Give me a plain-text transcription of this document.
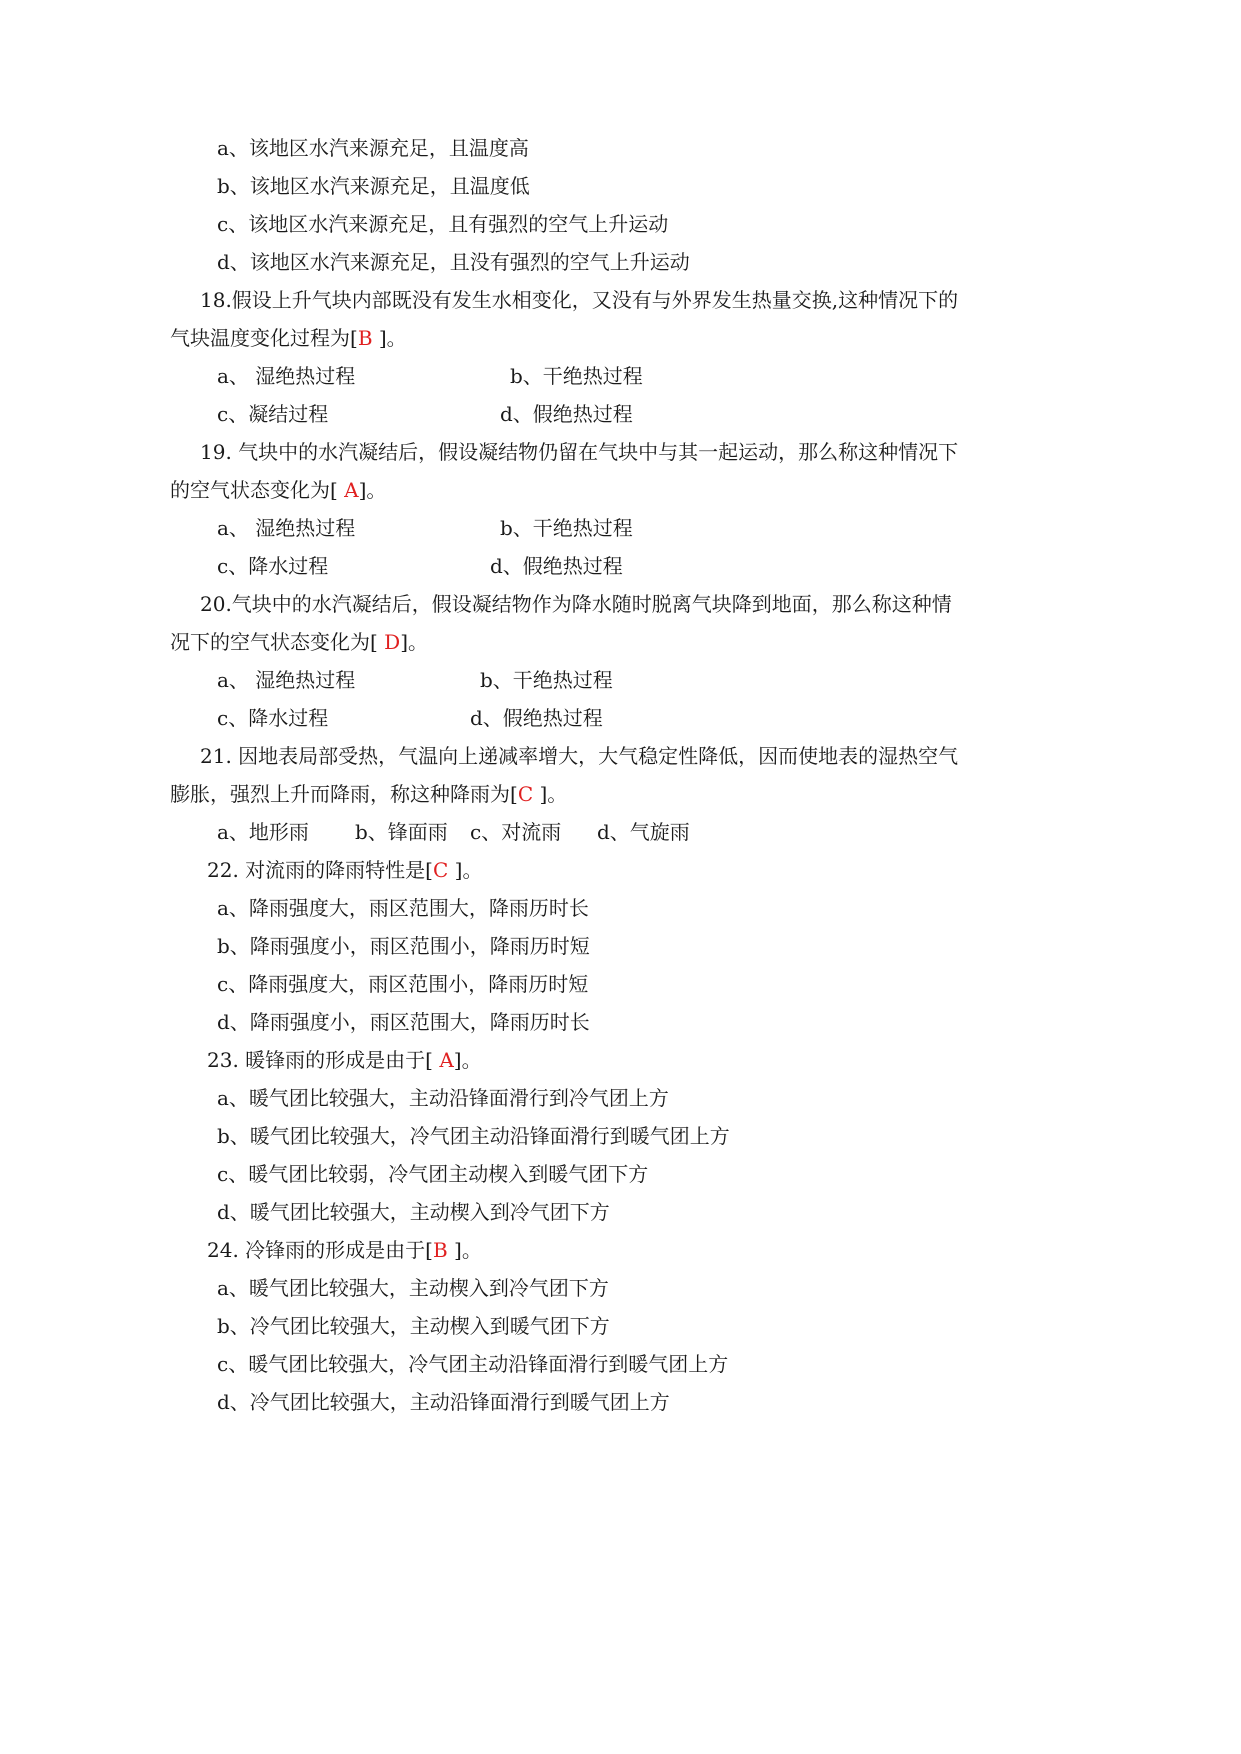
a、该地区水汽来源充足，且温度高
b、该地区水汽来源充足，且温度低
c、该地区水汽来源充足，且有强烈的空气上升运动
d、该地区水汽来源充足，且没有强烈的空气上升运动
18.假设上升气块内部既没有发生水相变化，又没有与外界发生热量交换,这种情况下的
气块温度变化过程为[B ]。
a、 湿绝热过程	b、干绝热过程
c、凝结过程	d、假绝热过程
19. 气块中的水汽凝结后，假设凝结物仍留在气块中与其一起运动，那么称这种情况下
的空气状态变化为[ A]。
a、 湿绝热过程	b、干绝热过程
c、降水过程	d、假绝热过程
20.气块中的水汽凝结后，假设凝结物作为降水随时脱离气块降到地面，那么称这种情
况下的空气状态变化为[ D]。
a、 湿绝热过程	b、干绝热过程
c、降水过程	d、假绝热过程
21. 因地表局部受热，气温向上递减率增大，大气稳定性降低，因而使地表的湿热空气
膨胀，强烈上升而降雨，称这种降雨为[C ]。
a、地形雨 b、锋面雨 c、对流雨 d、气旋雨
22. 对流雨的降雨特性是[C ]。
a、降雨强度大，雨区范围大，降雨历时长
b、降雨强度小，雨区范围小，降雨历时短
c、降雨强度大，雨区范围小，降雨历时短
d、降雨强度小，雨区范围大，降雨历时长
23. 暖锋雨的形成是由于[ A]。
a、暖气团比较强大，主动沿锋面滑行到冷气团上方
b、暖气团比较强大，冷气团主动沿锋面滑行到暖气团上方
c、暖气团比较弱，冷气团主动楔入到暖气团下方
d、暖气团比较强大，主动楔入到冷气团下方
24. 冷锋雨的形成是由于[B ]。
a、暖气团比较强大，主动楔入到冷气团下方
b、冷气团比较强大，主动楔入到暖气团下方
c、暖气团比较强大，冷气团主动沿锋面滑行到暖气团上方
d、冷气团比较强大，主动沿锋面滑行到暖气团上方
